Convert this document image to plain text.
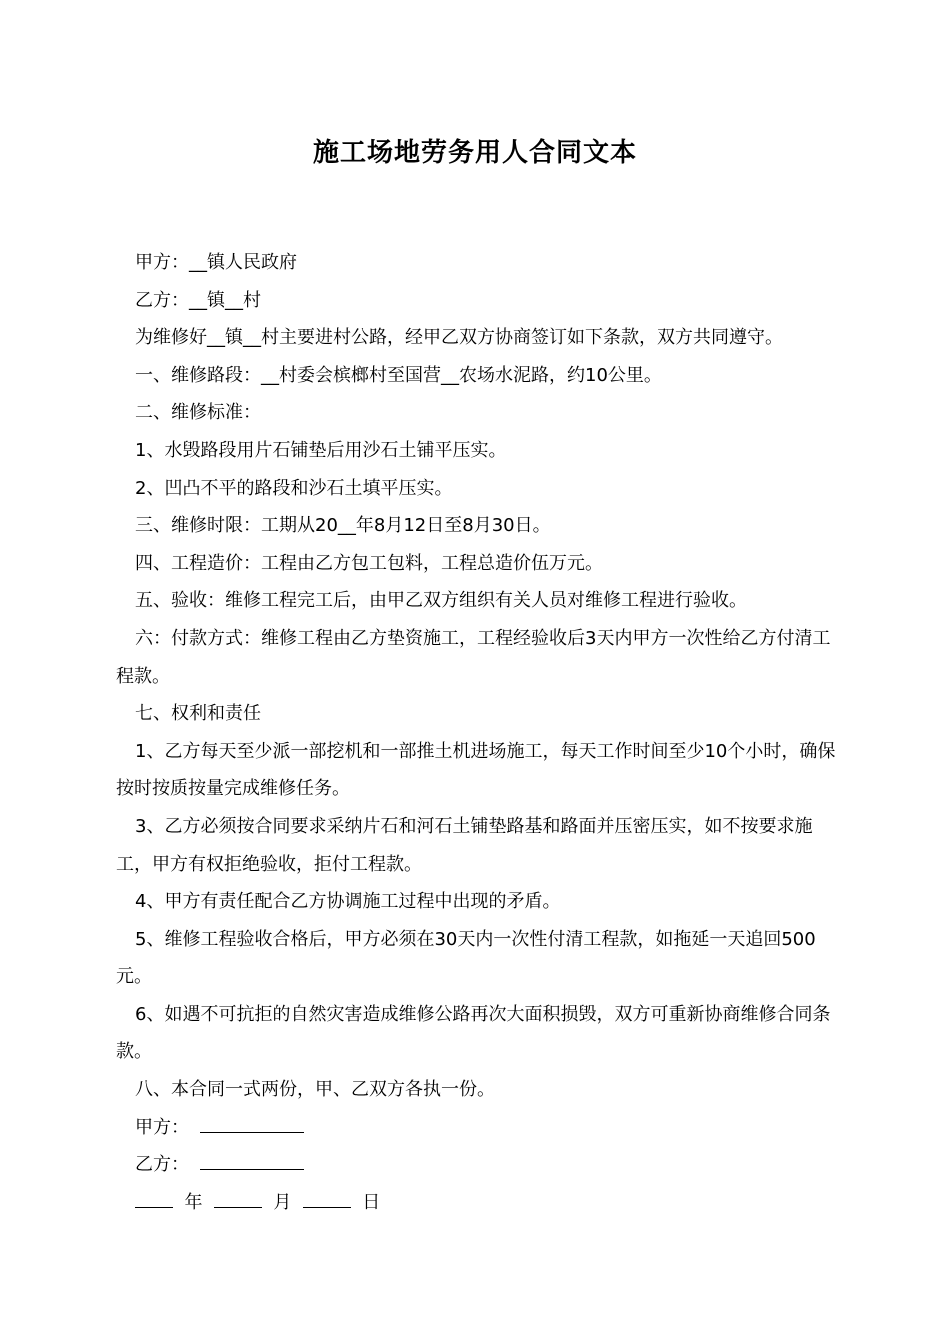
施工场地劳务用人合同文本

甲方：__镇人民政府

乙方：__镇__村

为维修好__镇__村主要进村公路，经甲乙双方协商签订如下条款，双方共同遵守。

一、维修路段：__村委会槟榔村至国营__农场水泥路，约10公里。

二、维修标准：

1、水毁路段用片石铺垫后用沙石土铺平压实。

2、凹凸不平的路段和沙石土填平压实。

三、维修时限：工期从20__年8月12日至8月30日。

四、工程造价：工程由乙方包工包料，工程总造价伍万元。

五、验收：维修工程完工后，由甲乙双方组织有关人员对维修工程进行验收。

六：付款方式：维修工程由乙方垫资施工，工程经验收后3天内甲方一次性给乙方付清工程款。

七、权利和责任

1、乙方每天至少派一部挖机和一部推土机进场施工，每天工作时间至少10个小时，确保按时按质按量完成维修任务。

3、乙方必须按合同要求采纳片石和河石土铺垫路基和路面并压密压实，如不按要求施工，甲方有权拒绝验收，拒付工程款。

4、甲方有责任配合乙方协调施工过程中出现的矛盾。

5、维修工程验收合格后，甲方必须在30天内一次性付清工程款，如拖延一天追回500元。

6、如遇不可抗拒的自然灾害造成维修公路再次大面积损毁，双方可重新协商维修合同条款。

八、本合同一式两份，甲、乙双方各执一份。

甲方：

乙方：

年	月	日
